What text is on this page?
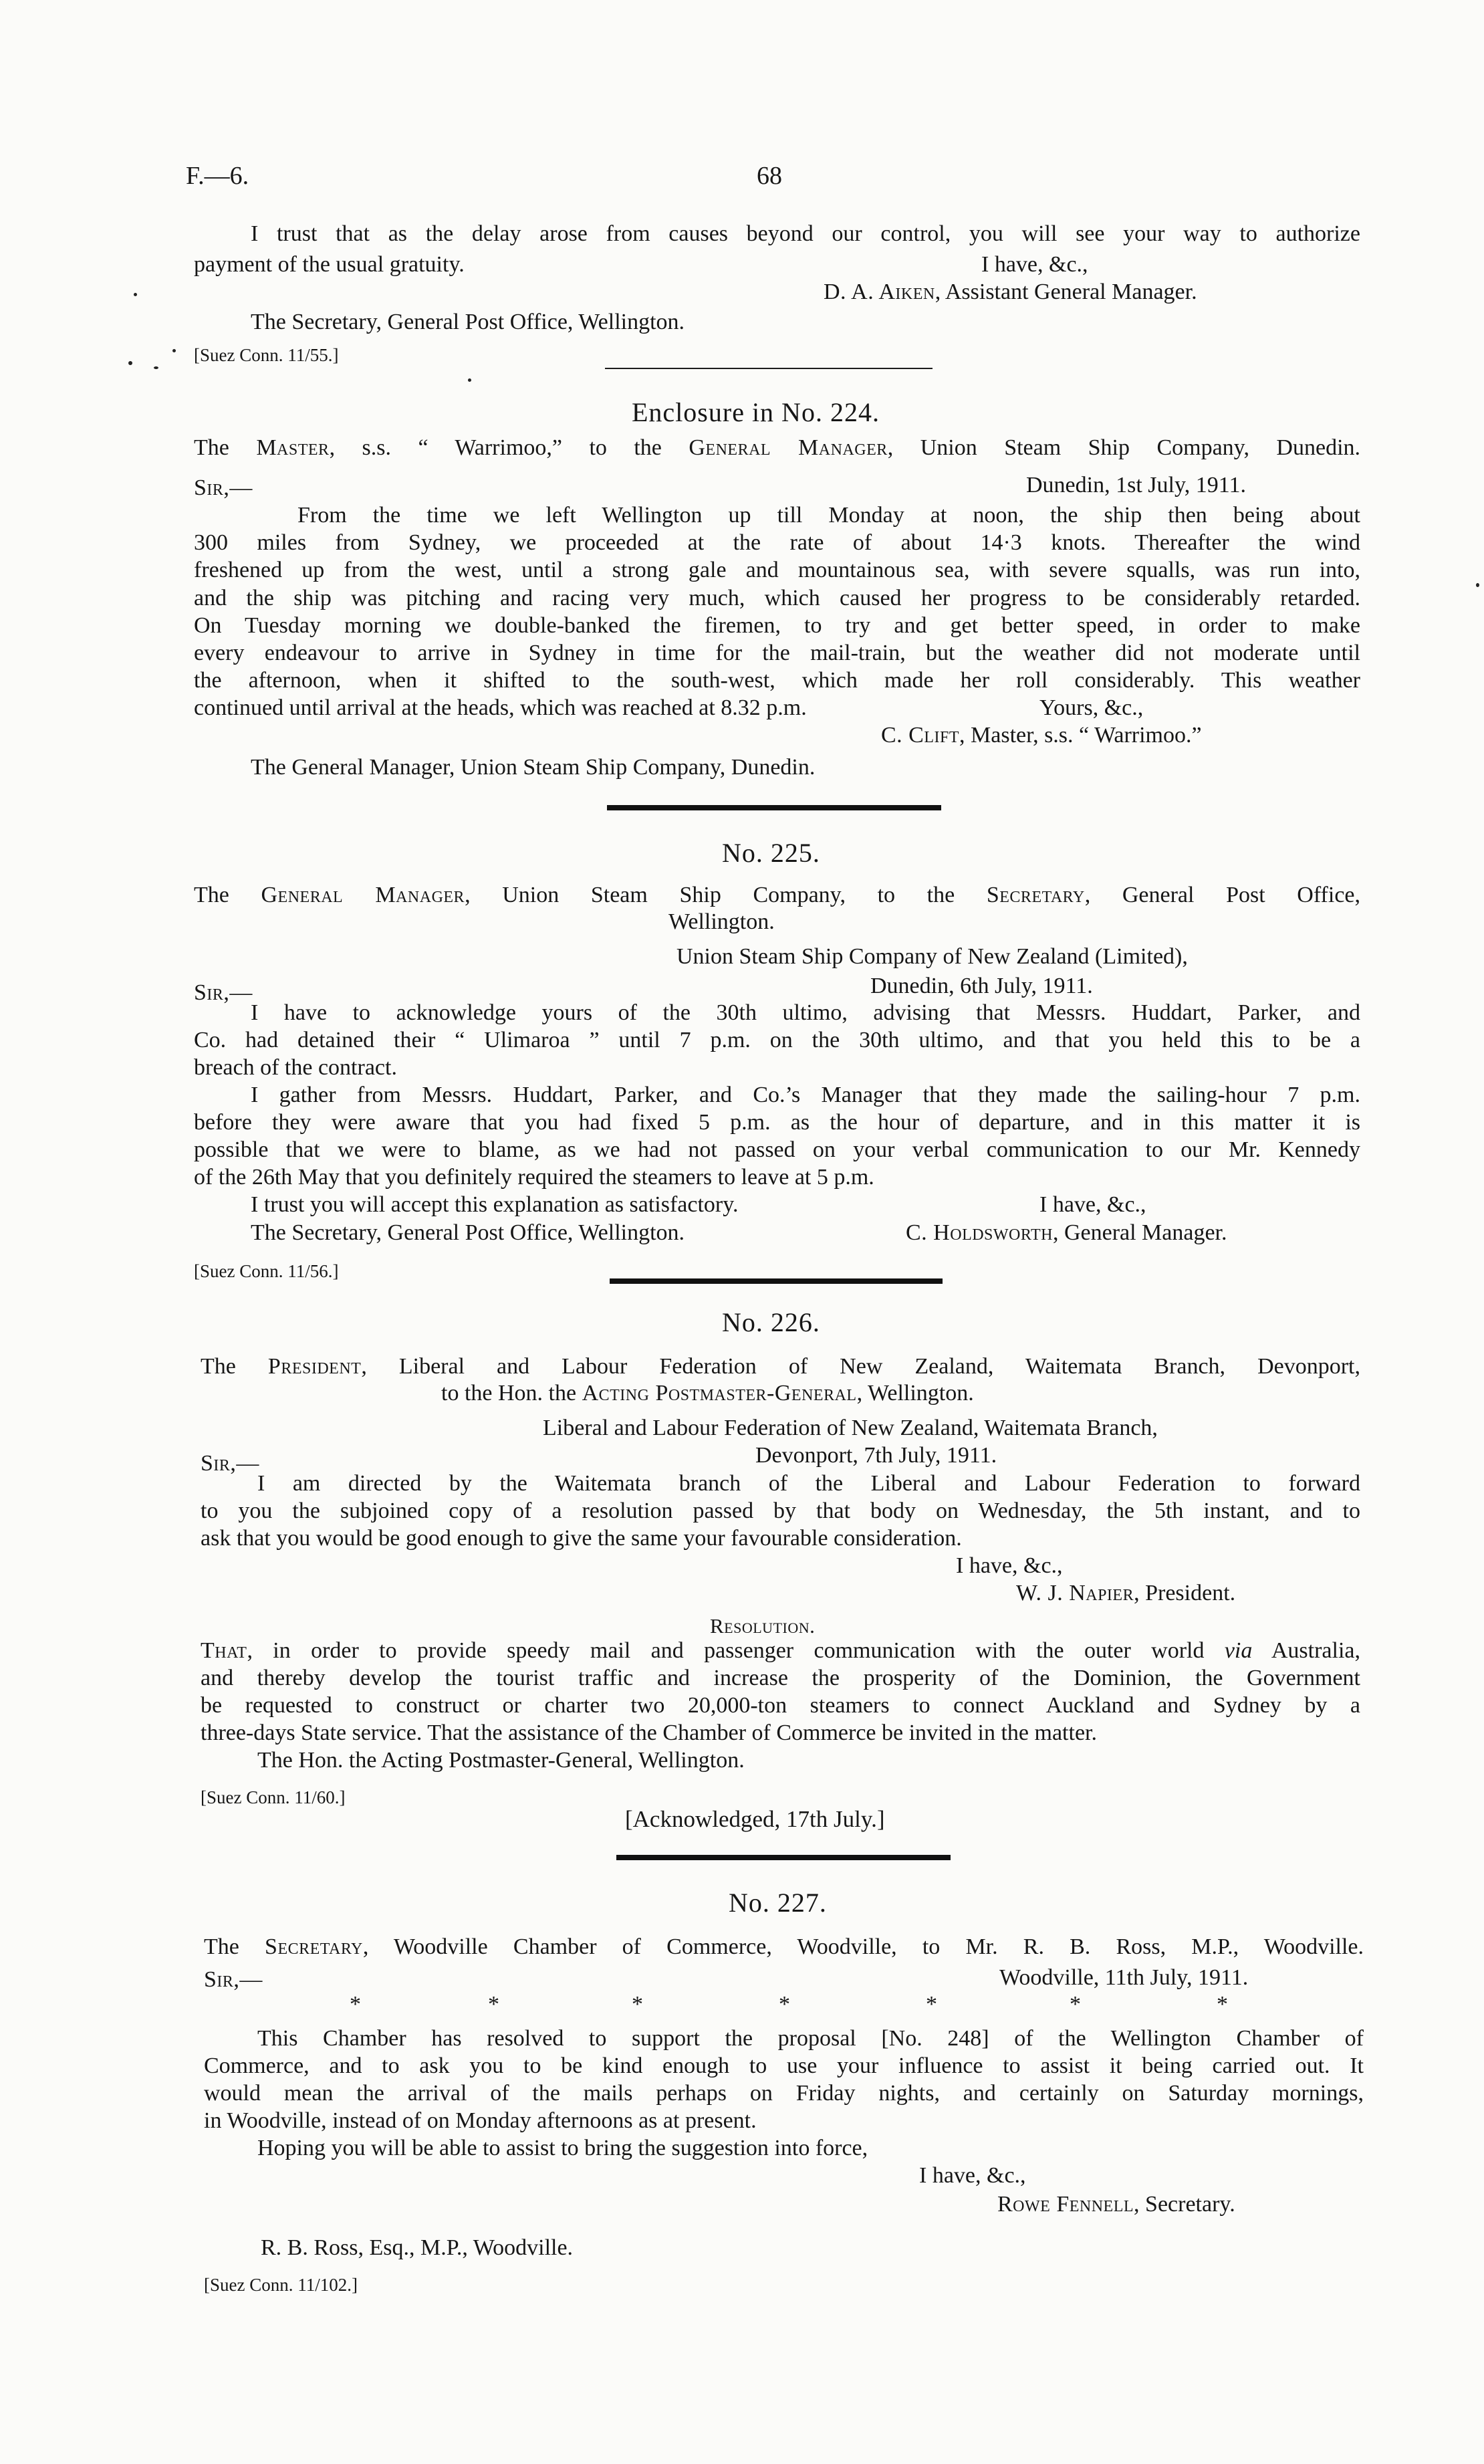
F.—6.	68
I trust that as the delay arose from causes beyond our control, you will see your way to authorize
payment of the usual gratuity.	I have, &c.,
D. A. Aiken, Assistant General Manager.
The Secretary, General Post Office, Wellington.
[Suez Conn. 11/55.]
Enclosure in No. 224.
The Master, s.s. “ Warrimoo,” to the General Manager, Union Steam Ship Company, Dunedin.
Sir,—	Dunedin, 1st July, 1911.
From the time we left Wellington up till Monday at noon, the ship then being about
300 miles from Sydney, we proceeded at the rate of about 14·3 knots. Thereafter the wind
freshened up from the west, until a strong gale and mountainous sea, with severe squalls, was run into,
and the ship was pitching and racing very much, which caused her progress to be considerably retarded.
On Tuesday morning we double-banked the firemen, to try and get better speed, in order to make
every endeavour to arrive in Sydney in time for the mail-train, but the weather did not moderate until
the afternoon, when it shifted to the south-west, which made her roll considerably. This weather
continued until arrival at the heads, which was reached at 8.32 p.m.	Yours, &c.,
C. Clift, Master, s.s. “ Warrimoo.”
The General Manager, Union Steam Ship Company, Dunedin.
No. 225.
The General Manager, Union Steam Ship Company, to the Secretary, General Post Office,
Wellington.
Union Steam Ship Company of New Zealand (Limited),
Sir,—	Dunedin, 6th July, 1911.
I have to acknowledge yours of the 30th ultimo, advising that Messrs. Huddart, Parker, and
Co. had detained their “ Ulimaroa ” until 7 p.m. on the 30th ultimo, and that you held this to be a
breach of the contract.
I gather from Messrs. Huddart, Parker, and Co.’s Manager that they made the sailing-hour 7 p.m.
before they were aware that you had fixed 5 p.m. as the hour of departure, and in this matter it is
possible that we were to blame, as we had not passed on your verbal communication to our Mr. Kennedy
of the 26th May that you definitely required the steamers to leave at 5 p.m.
I trust you will accept this explanation as satisfactory.	I have, &c.,
The Secretary, General Post Office, Wellington.	C. Holdsworth, General Manager.
[Suez Conn. 11/56.]
No. 226.
The President, Liberal and Labour Federation of New Zealand, Waitemata Branch, Devonport,
to the Hon. the Acting Postmaster-General, Wellington.
Liberal and Labour Federation of New Zealand, Waitemata Branch,
Sir,—	Devonport, 7th July, 1911.
I am directed by the Waitemata branch of the Liberal and Labour Federation to forward
to you the subjoined copy of a resolution passed by that body on Wednesday, the 5th instant, and to
ask that you would be good enough to give the same your favourable consideration.
I have, &c.,
W. J. Napier, President.
Resolution.
That, in order to provide speedy mail and passenger communication with the outer world via Australia,
and thereby develop the tourist traffic and increase the prosperity of the Dominion, the Government
be requested to construct or charter two 20,000-ton steamers to connect Auckland and Sydney by a
three-days State service. That the assistance of the Chamber of Commerce be invited in the matter.
The Hon. the Acting Postmaster-General, Wellington.
[Suez Conn. 11/60.]
[Acknowledged, 17th July.]
No. 227.
The Secretary, Woodville Chamber of Commerce, Woodville, to Mr. R. B. Ross, M.P., Woodville.
Sir,—	Woodville, 11th July, 1911.
*	*	*	*	*	*	*
This Chamber has resolved to support the proposal [No. 248] of the Wellington Chamber of
Commerce, and to ask you to be kind enough to use your influence to assist it being carried out. It
would mean the arrival of the mails perhaps on Friday nights, and certainly on Saturday mornings,
in Woodville, instead of on Monday afternoons as at present.
Hoping you will be able to assist to bring the suggestion into force,
I have, &c.,
Rowe Fennell, Secretary.
R. B. Ross, Esq., M.P., Woodville.
[Suez Conn. 11/102.]
